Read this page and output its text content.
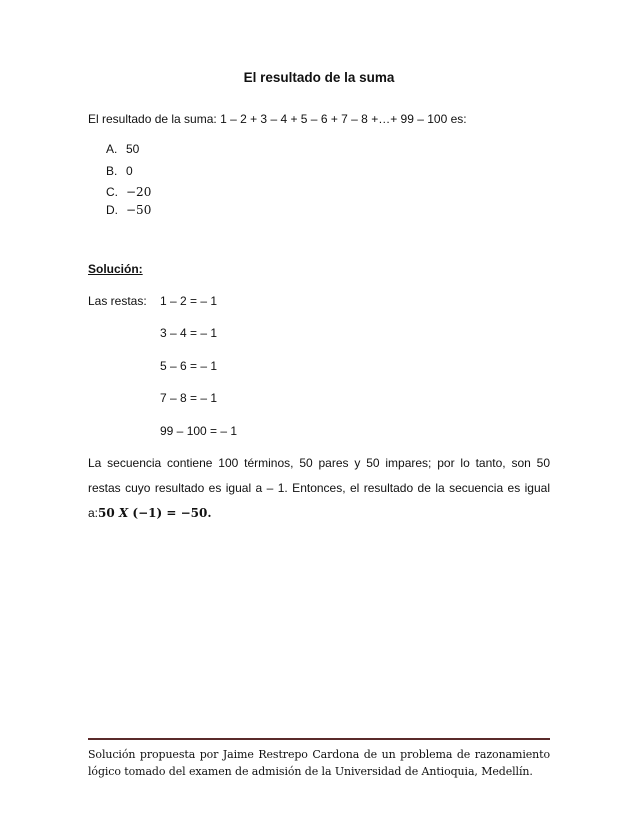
El resultado de la suma
El resultado de la suma: 1 – 2 + 3 – 4 + 5 – 6 + 7 – 8 +…+ 99 – 100 es:
A. 50
B. 0
C. −20
D. −50
Solución:
Las restas: 1 – 2 = – 1
3 – 4 = – 1
5 – 6 = – 1
7 – 8 = – 1
99 – 100 = – 1
La secuencia contiene 100 términos, 50 pares y 50 impares; por lo tanto, son 50 restas cuyo resultado es igual a – 1. Entonces, el resultado de la secuencia es igual a:50 X (−1) = −50.
Solución propuesta por Jaime Restrepo Cardona de un problema de razonamiento lógico tomado del examen de admisión de la Universidad de Antioquia, Medellín.
